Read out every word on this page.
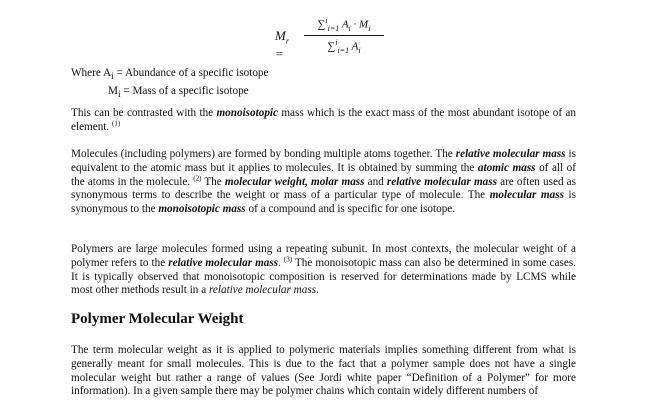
$M_r$ =	$\frac{\sum^i_{i=1} A_i \cdot M_i}{\sum^i_{i=1} A_i}$
Where $A_i$ = Abundance of a specific isotope
$M_i$ = Mass of a specific isotope
This can be contrasted with the monoisotopic mass which is the exact mass of the most abundant isotope of an element. $^{(1)}$
Molecules (including polymers) are formed by bonding multiple atoms together. The relative molecular mass is equivalent to the atomic mass but it applies to molecules. It is obtained by summing the atomic mass of all of the atoms in the molecule. $^{(2)}$ The molecular weight, molar mass and relative molecular mass are often used as synonymous terms to describe the weight or mass of a particular type of molecule. The molecular mass is synonymous to the monoisotopic mass of a compound and is specific for one isotope.
Polymers are large molecules formed using a repeating subunit. In most contexts, the molecular weight of a polymer refers to the relative molecular mass. $^{(3)}$ The monoisotopic mass can also be determined in some cases. It is typically observed that monoisotopic composition is reserved for determinations made by LCMS while most other methods result in a relative molecular mass.
Polymer Molecular Weight
The term molecular weight as it is applied to polymeric materials implies something different from what is generally meant for small molecules. This is due to the fact that a polymer sample does not have a single molecular weight but rather a range of values (See Jordi white paper “Definition of a Polymer” for more information). In a given sample there may be polymer chains which contain widely different numbers of
